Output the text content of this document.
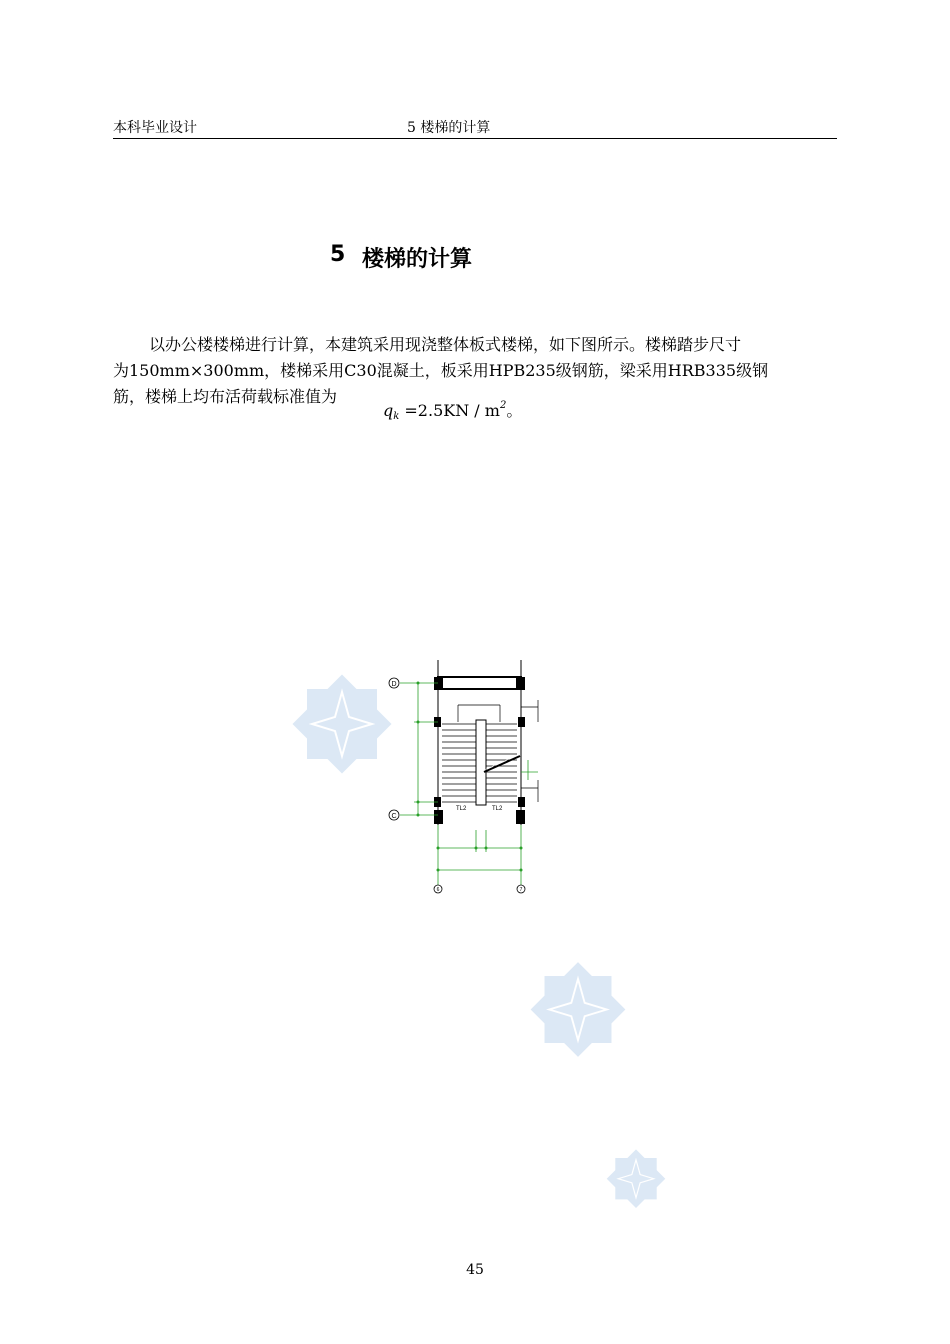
本科毕业设计	5 楼梯的计算
5 楼梯的计算
以办公楼楼梯进行计算，本建筑采用现浇整体板式楼梯，如下图所示。楼梯踏步尺寸
为150mm×300mm，楼梯采用C30混凝土，板采用HPB235级钢筋，梁采用HRB335级钢
筋，楼梯上均布活荷载标准值为
$q_k =2.5KN / m^2$。
D
C
6	7
TL2	TL2
45
